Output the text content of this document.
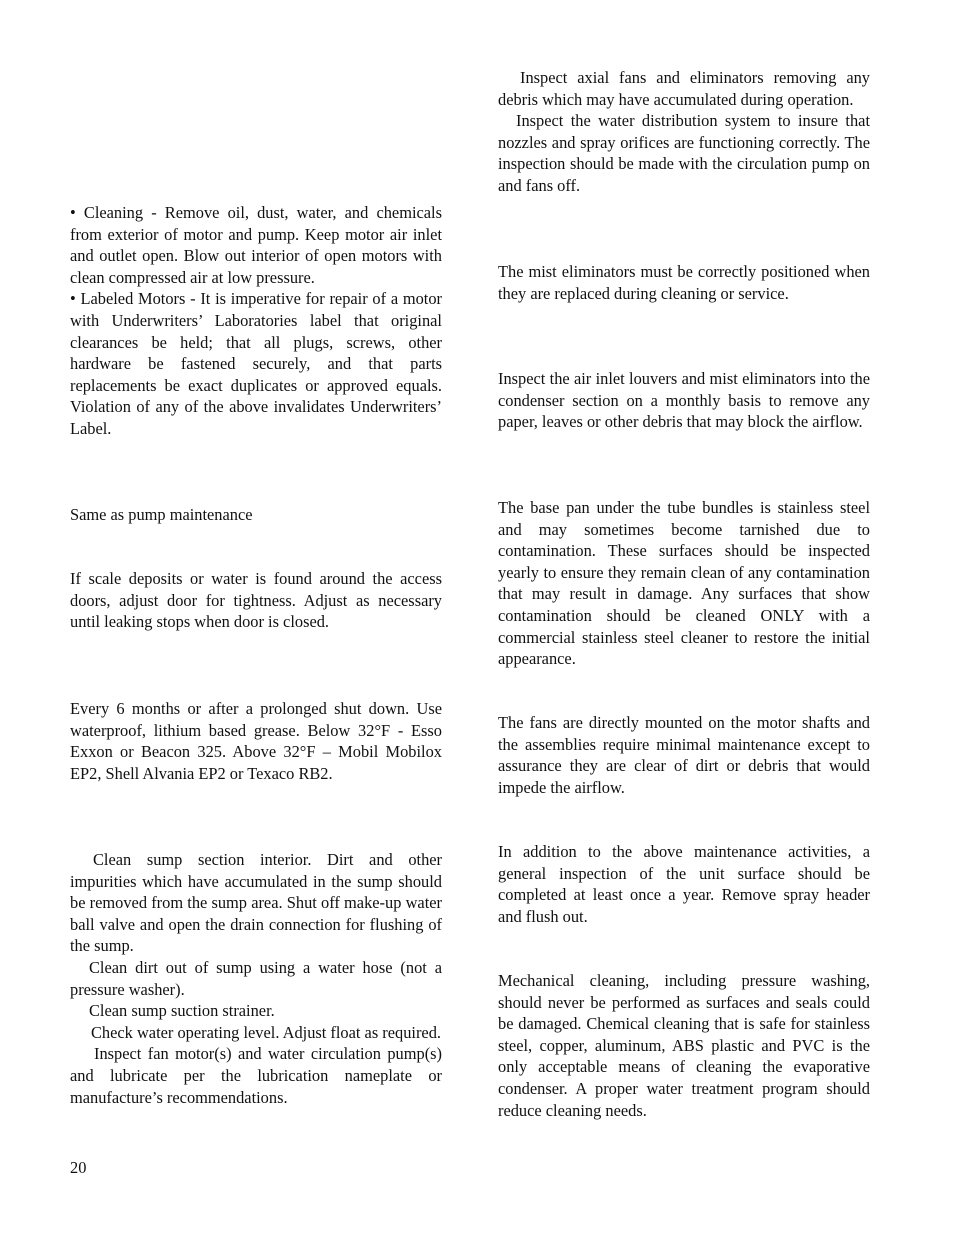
• Cleaning - Remove oil, dust, water, and chemicals from exterior of motor and pump. Keep motor air inlet and outlet open. Blow out interior of open motors with clean compressed air at low pressure.

• Labeled Motors - It is imperative for repair of a motor with Underwriters’ Laboratories label that original clearances be held; that all plugs, screws, other hardware be fastened securely, and that parts replacements be exact duplicates or approved equals. Violation of any of the above invalidates Underwriters’ Label.

Same as pump maintenance

If scale deposits or water is found around the access doors, adjust door for tightness. Adjust as necessary until leaking stops when door is closed.

Every 6 months or after a prolonged shut down. Use waterproof, lithium based grease. Below 32°F - Esso Exxon or Beacon 325. Above 32°F – Mobil Mobilox EP2, Shell Alvania EP2 or Texaco RB2.

Clean sump section interior. Dirt and other impurities which have accumulated in the sump should be removed from the sump area. Shut off make-up water ball valve and open the drain connection for flushing of the sump.

Clean dirt out of sump using a water hose (not a pressure washer).

Clean sump suction strainer.

Check water operating level. Adjust float as required.

Inspect fan motor(s) and water circulation pump(s) and lubricate per the lubrication nameplate or manufacture’s recommendations.

Inspect axial fans and eliminators removing any debris which may have accumulated during operation.

Inspect the water distribution system to insure that nozzles and spray orifices are functioning correctly. The inspection should be made with the circulation pump on and fans off.

The mist eliminators must be correctly positioned when they are replaced during cleaning or service.

Inspect the air inlet louvers and mist eliminators into the condenser section on a monthly basis to remove any paper, leaves or other debris that may block the airflow.

The base pan under the tube bundles is stainless steel and may sometimes become tarnished due to contamination. These surfaces should be inspected yearly to ensure they remain clean of any contamination that may result in damage. Any surfaces that show contamination should be cleaned ONLY with a commercial stainless steel cleaner to restore the initial appearance.

The fans are directly mounted on the motor shafts and the assemblies require minimal maintenance except to assurance they are clear of dirt or debris that would impede the airflow.

In addition to the above maintenance activities, a general inspection of the unit surface should be completed at least once a year. Remove spray header and flush out.

Mechanical cleaning, including pressure washing, should never be performed as surfaces and seals could be damaged. Chemical cleaning that is safe for stainless steel, copper, aluminum, ABS plastic and PVC is the only acceptable means of cleaning the evaporative condenser. A proper water treatment program should reduce cleaning needs.

20
